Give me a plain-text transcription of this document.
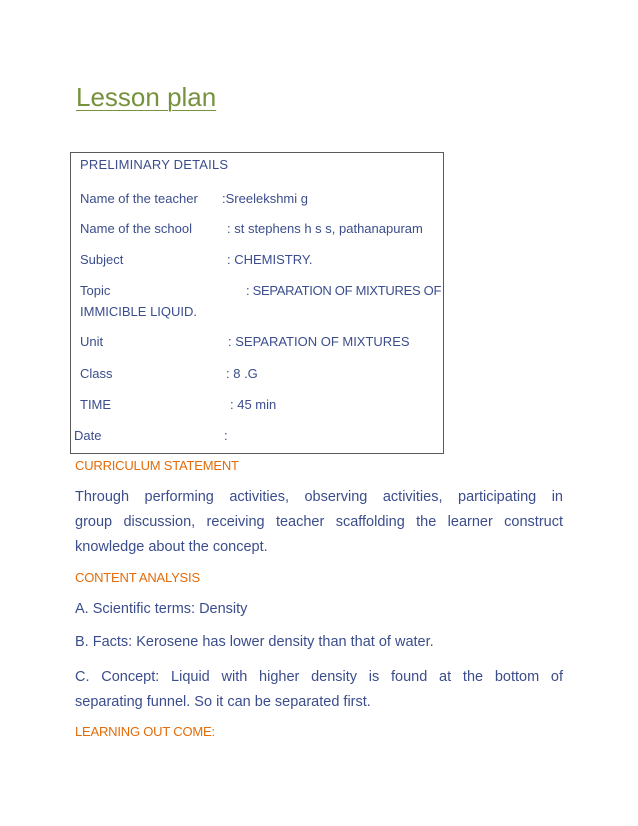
Lesson plan
PRELIMINARY DETAILS
Name of the teacher :Sreelekshmi g
Name of the school	: st stephens h s s, pathanapuram
Subject	: CHEMISTRY.
Topic	: SEPARATION OF MIXTURES OF
IMMICIBLE LIQUID.
Unit	: SEPARATION OF MIXTURES
Class	: 8 .G
TIME	: 45 min
Date	:
CURRICULUM STATEMENT
Through performing activities, observing activities, participating in
group discussion, receiving teacher scaffolding the learner construct
knowledge about the concept.
CONTENT ANALYSIS
A. Scientific terms: Density
B. Facts: Kerosene has lower density than that of water.
C. Concept: Liquid with higher density is found at the bottom of
separating funnel. So it can be separated first.
LEARNING OUT COME:
